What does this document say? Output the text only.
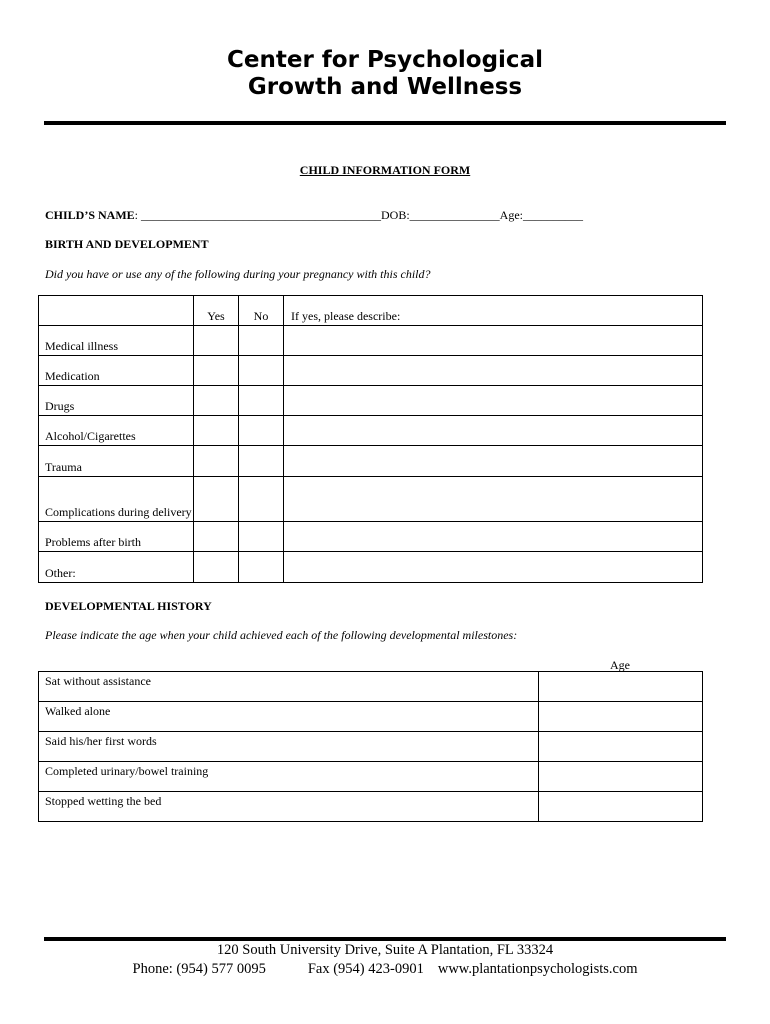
Center for Psychological
Growth and Wellness
CHILD INFORMATION FORM
CHILD’S NAME: ________________________________________DOB:_______________Age:__________
BIRTH AND DEVELOPMENT
Did you have or use any of the following during your pregnancy with this child?
Yes	No	If yes, please describe:
Medical illness
Medication
Drugs
Alcohol/Cigarettes
Trauma
Complications during delivery
Problems after birth
Other:
DEVELOPMENTAL HISTORY
Please indicate the age when your child achieved each of the following developmental milestones:
Age
Sat without assistance
Walked alone
Said his/her first words
Completed urinary/bowel training
Stopped wetting the bed
120 South University Drive, Suite A Plantation, FL 33324
Phone: (954) 577 0095	Fax (954) 423-0901 www.plantationpsychologists.com
